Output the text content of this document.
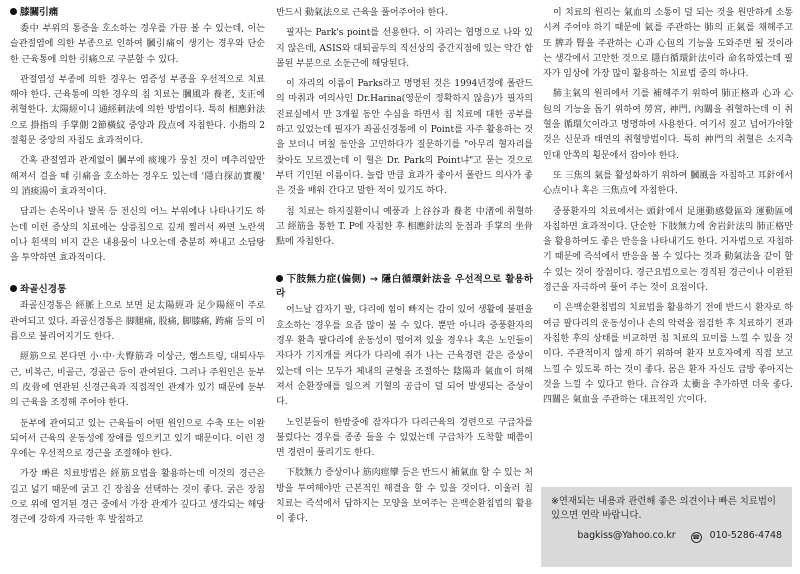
膝關引痛

委中 부위의 통증을 호소하는 경우를 가끔 볼 수 있는데, 이는 슬관절염에 의한 부종으로 인하여 膕引痛이 생기는 경우와 단순한 근육통에 의한 引痛으로 구분할 수 있다.

관절염성 부종에 의한 경우는 염증성 부종을 우선적으로 치료해야 한다. 근육통에 의한 경우의 침 치료는 膕風과 養老, 支正에 취혈한다. 太陽經이니 通經刺法에 의한 방법이다. 특히 相應針法으로 掛指의 手掌側 2節橫紋 중앙과 段点에 자침한다. 小指의 2절횡문 중앙의 자침도 효과적이다.

간혹 관절염과 관계없이 膕부에 痰塊가 뭉친 것이 메추리알만해져서 걸을 때 引痛을 호소하는 경우도 있는데 '隱白探訪實覆' 의 消痰湯이 효과적이다.

담괴는 손목이나 발목 등 전신의 어느 부위에나 나타나기도 하는데 이런 증상의 치료에는 삼릉침으로 깊게 찔러서 짜면 노란색이나 흰색의 비지 같은 내용물이 나오는데 충분히 짜내고 소담탕을 투약하면 효과적이다.

좌골신경통

좌골신경통은 經脈上으로 보면 足太陽經과 足少陽經이 주로 관여되고 있다. 좌골신경통은 脚腿痛, 股痛, 脚膝痛, 跨痛 등의 이름으로 불리어지기도 한다.

經筋으로 본다면 小·中·大臀筋과 이상근, 햄스트링, 대퇴사두근, 비복근, 비골근, 경골근 등이 관여된다. 그러나 주원인은 둔부의 皮骨에 연관된 신경근육과 직접적인 관계가 있기 때문에 둔부의 근육을 조정해 주어야 한다.

둔부에 관여되고 있는 근육들이 어떤 원인으로 수축 또는 이완되어서 근육의 운동성에 장애를 일으키고 있기 때문이다. 이런 경우에는 우선적으로 경근을 조절해야 한다.

가장 빠른 치료방법은 經筋요법을 활용하는데 이것의 경근은 길고 넓기 때문에 굵고 긴 장침을 선택하는 것이 좋다. 굵은 장침으로 위에 열거된 경근 중에서 가장 관계가 깊다고 생각되는 해당 경근에 강하게 자극한 후 발침하고

반드시 動氣法으로 근육을 풀어주어야 한다.

필자는 Park's point를 선용한다. 이 자리는 협명으로 나와 있지 않은데, ASIS와 대퇴골두의 직선상의 중간지점에 있는 약간 함몰된 부분으로 소둔근에 해당된다.

이 자리의 이름이 Parks라고 명명된 것은 1994년경에 폴란드의 마취과 여의사인 Dr.Harina(영문이 정확하지 않음)가 필자의 진료실에서 만 3개월 동안 수심을 하면서 침 치료에 대한 공부를 하고 있었는데 필자가 좌골신경통에 이 Point를 자주 활용하는 것을 보더니 며칠 동안을 고민하다가 질문하기를 "아무리 혈자리를 찾아도 모르겠는데 이 혈은 Dr. Park의 Point냐"고 묻는 것으로부터 기인된 이름이다. 놀랍 만큼 효과가 좋아서 폴란드 의사가 좋은 것을 배워 간다고 말한 적이 있기도 하다.

침 치료는 하지질환이니 예풍과 上谷谷과 養老 中渚에 취혈하고 經筋을 통한 T. P에 자침한 후 相應針法의 둔점과 手掌의 坐骨點에 자침한다.

下肢無力症(偏側) → 隱白循環針法을 우선적으로 활용하라

어느날 갑자기 팔, 다리에 힘이 빠지는 감이 있어 생활에 불편을 호소하는 경우를 요즘 많이 볼 수 있다. 뿐만 아니라 중풍환자의 경우 환측 팔다리에 운동성이 떨어져 있을 경우나 혹은 노인들이 자다가 기지개를 켜다가 다리에 쥐가 나는 근육경련 같은 증상이 있는데 이는 모두가 체내의 균형을 조절하는 陰陽과 氣血이 허해져서 순환장애를 일으켜 기혈의 공급이 덜 되어 발생되는 증상이다.

노인분들이 한밤중에 잠자다가 다리근육의 경련으로 구급차를 불렀다는 경우를 종종 들을 수 있었는데 구급차가 도착할 때쯤이면 경련이 풀리기도 한다.

下肢無力 증상이나 筋肉痙攣 등은 반드시 補氣血 할 수 있는 처방을 투여해야만 근본적인 해결을 할 수 있을 것이다. 이울러 침 치료는 즉석에서 답하지는 모양을 보여주는 은백순환침법의 활용이 좋다.

이 치료의 원리는 氣血의 소통이 덜 되는 것을 원만하게 소통시켜 주어야 하기 때문에 氣를 주관하는 肺의 正氣를 채해주고 또 脾과 腎을 주관하는 心과 心包의 기능을 도와주면 될 것이라는 생각에서 고안한 것으로 隱白循環針法이라 命名하였는데 필자가 임상에 가장 많이 활용하는 치료법 중의 하나다.

肺主氣의 원리에서 기를 補해주기 위하여 肺正格과 心과 心包의 기능을 돕기 위하여 勞宮, 神門, 內關을 취혈하는데 이 취혈을 循環欠이라고 명명하여 사용한다. 여기서 짚고 넘어가야할 것은 신문과 태연의 취혈방법이다. 특히 神門의 취혈은 소지측 인대 안쪽의 횡문에서 잡아야 한다.

또 三焦의 氣를 활성화하기 위하여 膕風을 자침하고 耳針에서 心点이나 혹은 三焦点에 자침한다.

중풍환자의 치료에서는 頭針에서 足運動感覺區와 運動區에 자침하면 효과적이다. 단순한 下肢無力에 舍岩針法의 肺正格만을 활용하여도 좋은 반응을 나타내기도 한다. 거자법으로 자침하기 때문에 즉석에서 반응을 볼 수 있다는 것과 動氣法을 같이 할 수 있는 것이 장점이다. 경근요법으로는 경직된 경근이나 이완된 경근을 자극하여 풀어 주는 것이 요점이다.

이 은백순환침법의 치료법을 활용하기 전에 반드시 환자로 하여금 팔다리의 운동성이나 손의 악력을 점검한 후 치료하기 전과 자침한 후의 상태를 비교하면 침 치료의 묘미를 느낄 수 있을 것이다. 주관적이지 않게 하기 위하여 환자 보호자에게 직접 보고 느낄 수 있도록 하는 것이 좋다. 몸은 환자 자신도 급방 좋아지는 것을 느낄 수 있다고 한다. 合谷과 太衝을 추가하면 더욱 좋다. 四關은 氣血을 주관하는 대표적인 穴이다.

※연재되는 내용과 관련해 좋은 의견이나 빠른 치료법이 있으면 연락 바랍니다.
bagkiss@Yahoo.co.kr	☎ 010-5286-4748
